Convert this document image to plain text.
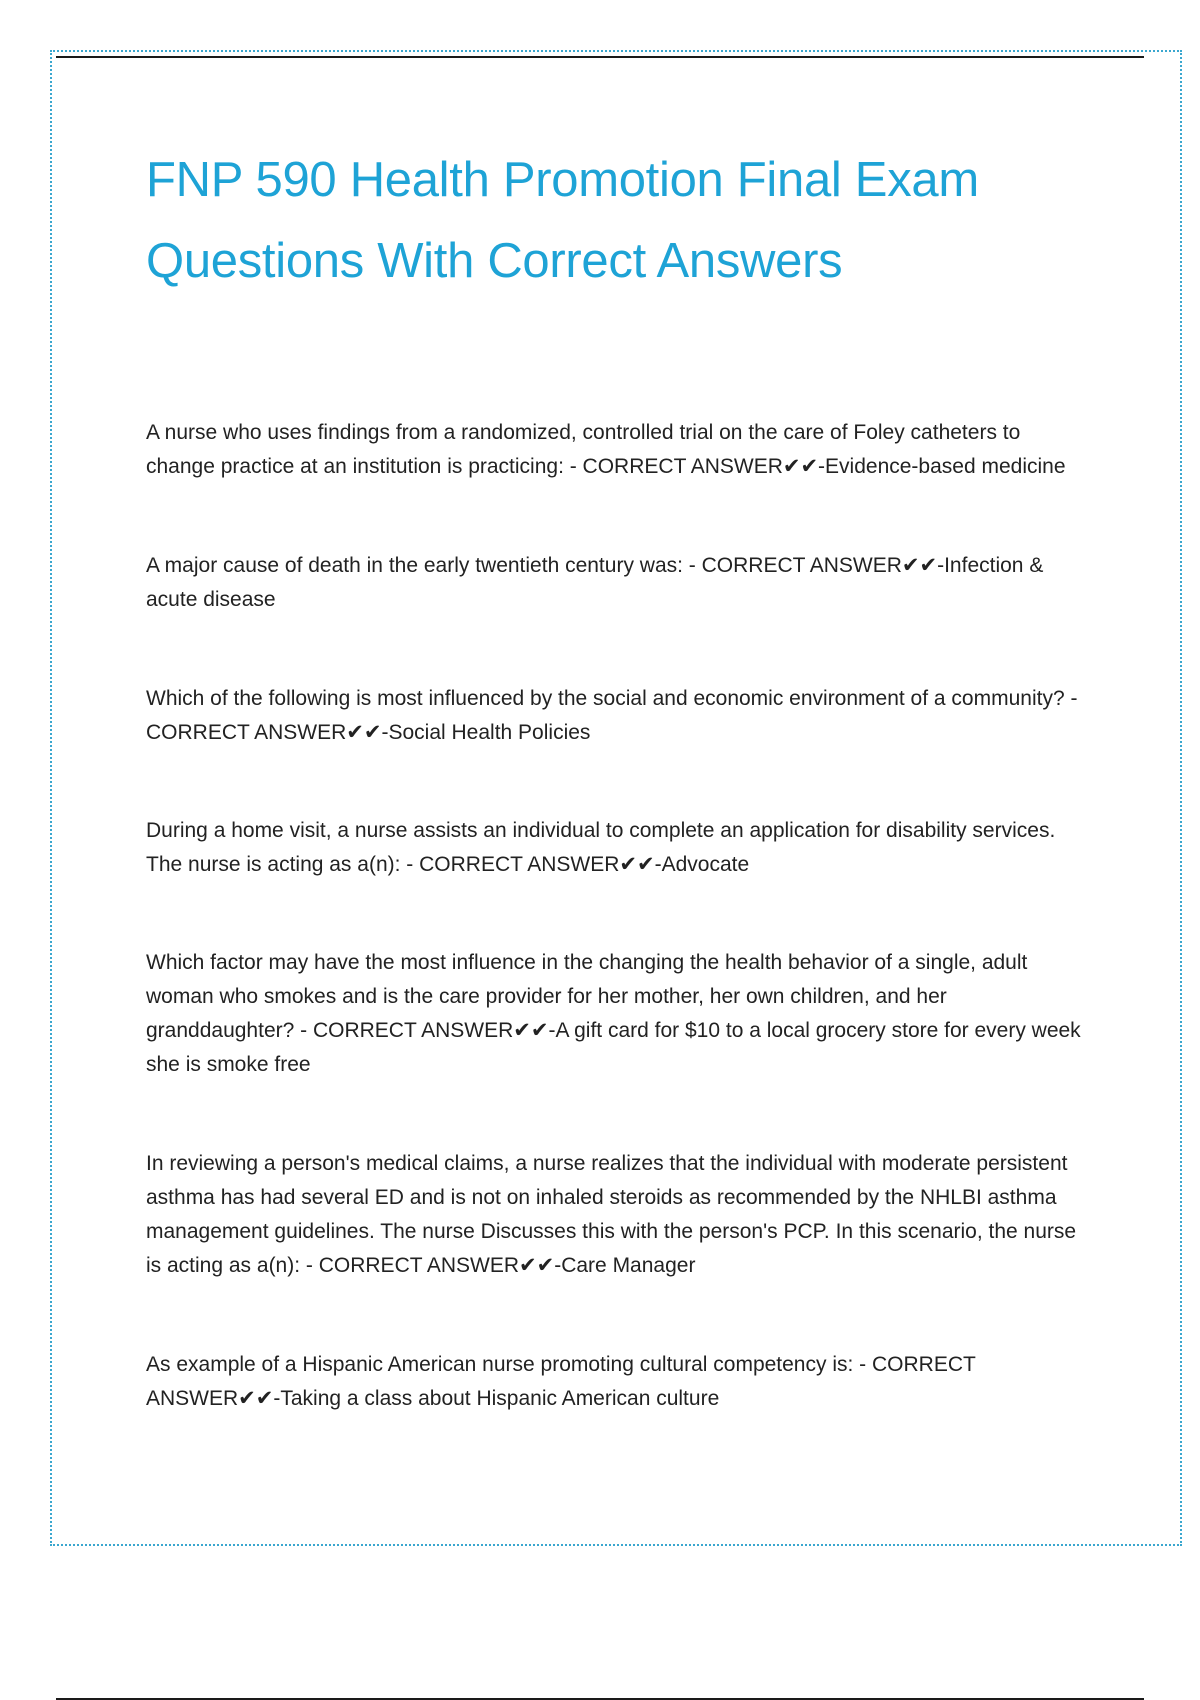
FNP 590 Health Promotion Final Exam
Questions With Correct Answers

A nurse who uses findings from a randomized, controlled trial on the care of Foley catheters to change practice at an institution is practicing: - CORRECT ANSWER✔✔-Evidence-based medicine

A major cause of death in the early twentieth century was: - CORRECT ANSWER✔✔-Infection & acute disease

Which of the following is most influenced by the social and economic environment of a community? - CORRECT ANSWER✔✔-Social Health Policies

During a home visit, a nurse assists an individual to complete an application for disability services. The nurse is acting as a(n): - CORRECT ANSWER✔✔-Advocate

Which factor may have the most influence in the changing the health behavior of a single, adult woman who smokes and is the care provider for her mother, her own children, and her granddaughter? - CORRECT ANSWER✔✔-A gift card for $10 to a local grocery store for every week she is smoke free

In reviewing a person's medical claims, a nurse realizes that the individual with moderate persistent asthma has had several ED and is not on inhaled steroids as recommended by the NHLBI asthma management guidelines. The nurse Discusses this with the person's PCP. In this scenario, the nurse is acting as a(n): - CORRECT ANSWER✔✔-Care Manager

As example of a Hispanic American nurse promoting cultural competency is: - CORRECT ANSWER✔✔-Taking a class about Hispanic American culture
